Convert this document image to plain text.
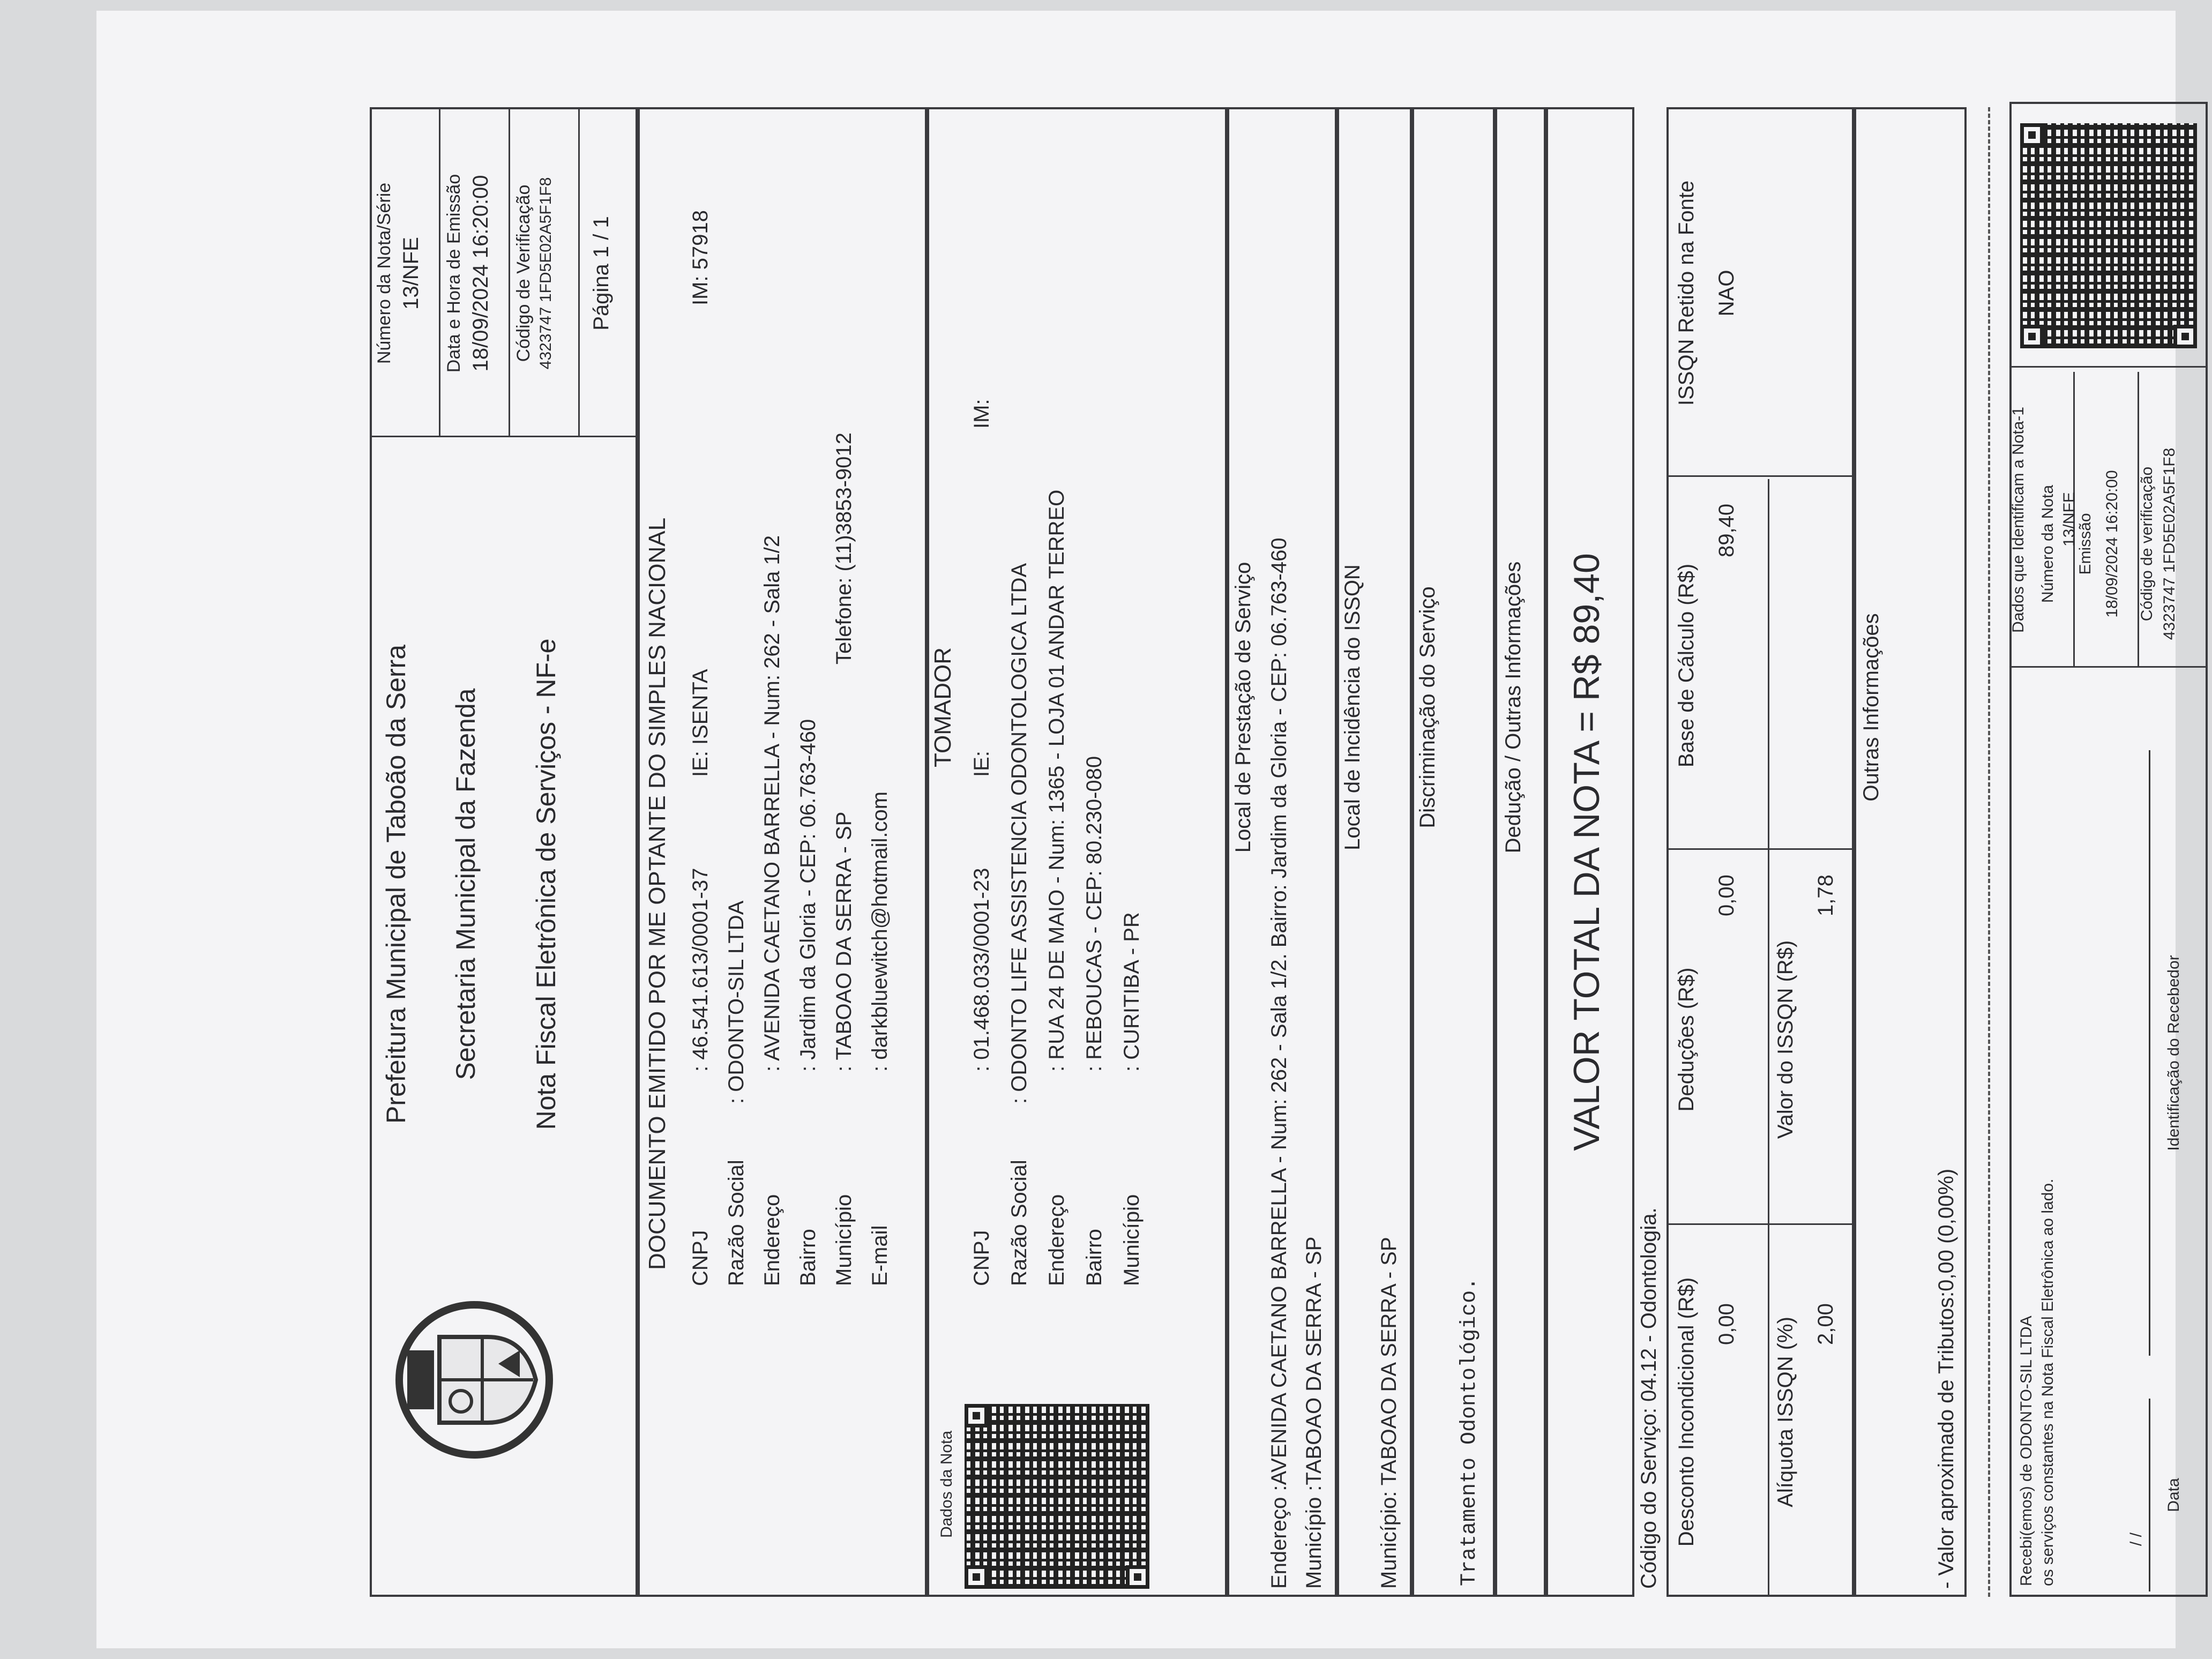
Prefeitura Municipal de Taboão da Serra Secretaria Municipal da Fazenda Nota Fiscal Eletrônica de Serviços - NF-e
Número da Nota/Série 13/NFE Data e Hora de Emissão 18/09/2024 16:20:00 Código de Verificação 4323747 1FD5E02A5F1F8 Página 1 / 1
DOCUMENTO EMITIDO POR ME OPTANTE DO SIMPLES NACIONAL CNPJ
: 46.541.613/0001-37
IE: ISENTA
IM: 57918
Razão Social
: ODONTO-SIL LTDA
Endereço
: AVENIDA CAETANO BARRELLA - Num: 262 - Sala 1/2
Bairro
: Jardim da Gloria - CEP: 06.763-460
Município
: TABOAO DA SERRA - SP
Telefone: (11)3853-9012
E-mail
: darkbluewitch@hotmail.com
TOMADOR
Dados da Nota
CNPJ
: 01.468.033/0001-23
IE:
IM:
Razão Social
: ODONTO LIFE ASSISTENCIA ODONTOLOGICA LTDA
Endereço
: RUA 24 DE MAIO - Num: 1365 - LOJA 01 ANDAR TERREO
Bairro
: REBOUCAS - CEP: 80.230-080
Município
: CURITIBA - PR
Local de Prestação de Serviço Endereço :AVENIDA CAETANO BARRELLA - Num: 262 - Sala 1/2. Bairro: Jardim da Gloria - CEP: 06.763-460 Município :TABOAO DA SERRA - SP
Local de Incidência do ISSQN
Município: TABOAO DA SERRA - SP
Discriminação do Serviço
Tratamento Odontológico.
Dedução / Outras Informações VALOR TOTAL DA NOTA = R$ 89,40
Código do Serviço: 04.12 - Odontologia. Desconto Incondicional (R$) 0,00
Deduções (R$)
0,00
Base de Cálculo (R$)
89,40
ISSQN Retido na Fonte NAO
Alíquota ISSQN (%) 2,00
Valor do ISSQN (R$)
1,78
Outras Informações
- Valor aproximado de Tributos:0,00 (0,00%)	Recebi(emos) de ODONTO-SIL LTDA os serviços constantes na Nota Fiscal Eletrônica ao lado.	/ /
Data
Identificação do Recebedor
Dados que Identificam a Nota-1 Número da Nota 13/NFE
Emissão 18/09/2024 16:20:00 Código de verificação 4323747 1FD5E02A5F1F8
